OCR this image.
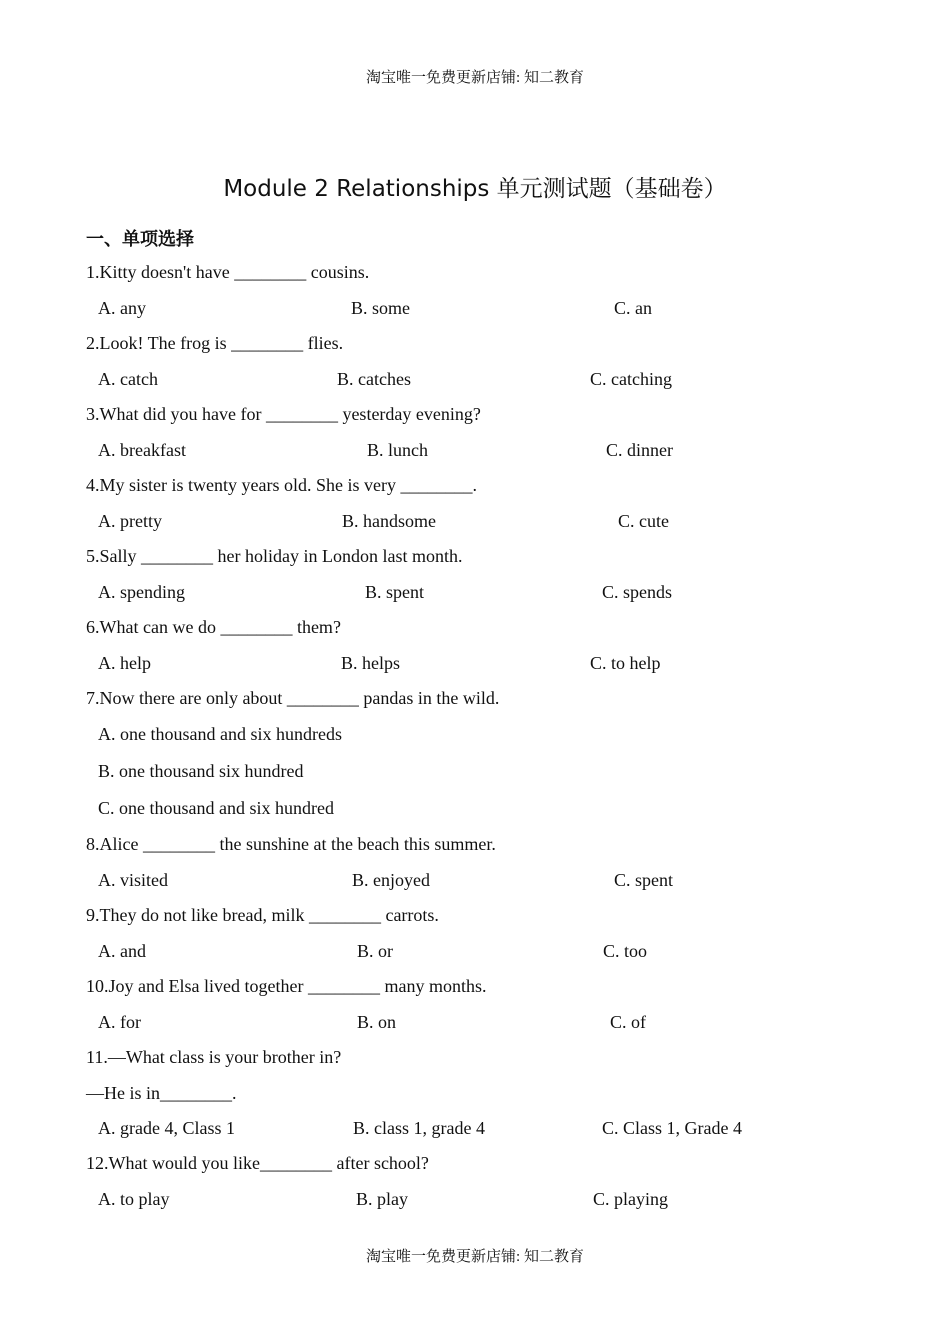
淘宝唯一免费更新店铺: 知二教育
Module 2 Relationships 单元测试题（基础卷）
一、单项选择
1.Kitty doesn't have ________ cousins.
A. any	B. some	C. an
2.Look! The frog is ________ flies.
A. catch	B. catches	C. catching
3.What did you have for ________ yesterday evening?
A. breakfast	B. lunch	C. dinner
4.My sister is twenty years old. She is very ________.
A. pretty	B. handsome	C. cute
5.Sally ________ her holiday in London last month.
A. spending	B. spent	C. spends
6.What can we do ________ them?
A. help	B. helps	C. to help
7.Now there are only about ________ pandas in the wild.
A. one thousand and six hundreds
B. one thousand six hundred
C. one thousand and six hundred
8.Alice ________ the sunshine at the beach this summer.
A. visited	B. enjoyed	C. spent
9.They do not like bread, milk ________ carrots.
A. and	B. or	C. too
10.Joy and Elsa lived together ________ many months.
A. for	B. on	C. of
11.—What class is your brother in?
—He is in________.
A. grade 4, Class 1	B. class 1, grade 4	C. Class 1, Grade 4
12.What would you like________ after school?
A. to play	B. play	C. playing
淘宝唯一免费更新店铺: 知二教育
